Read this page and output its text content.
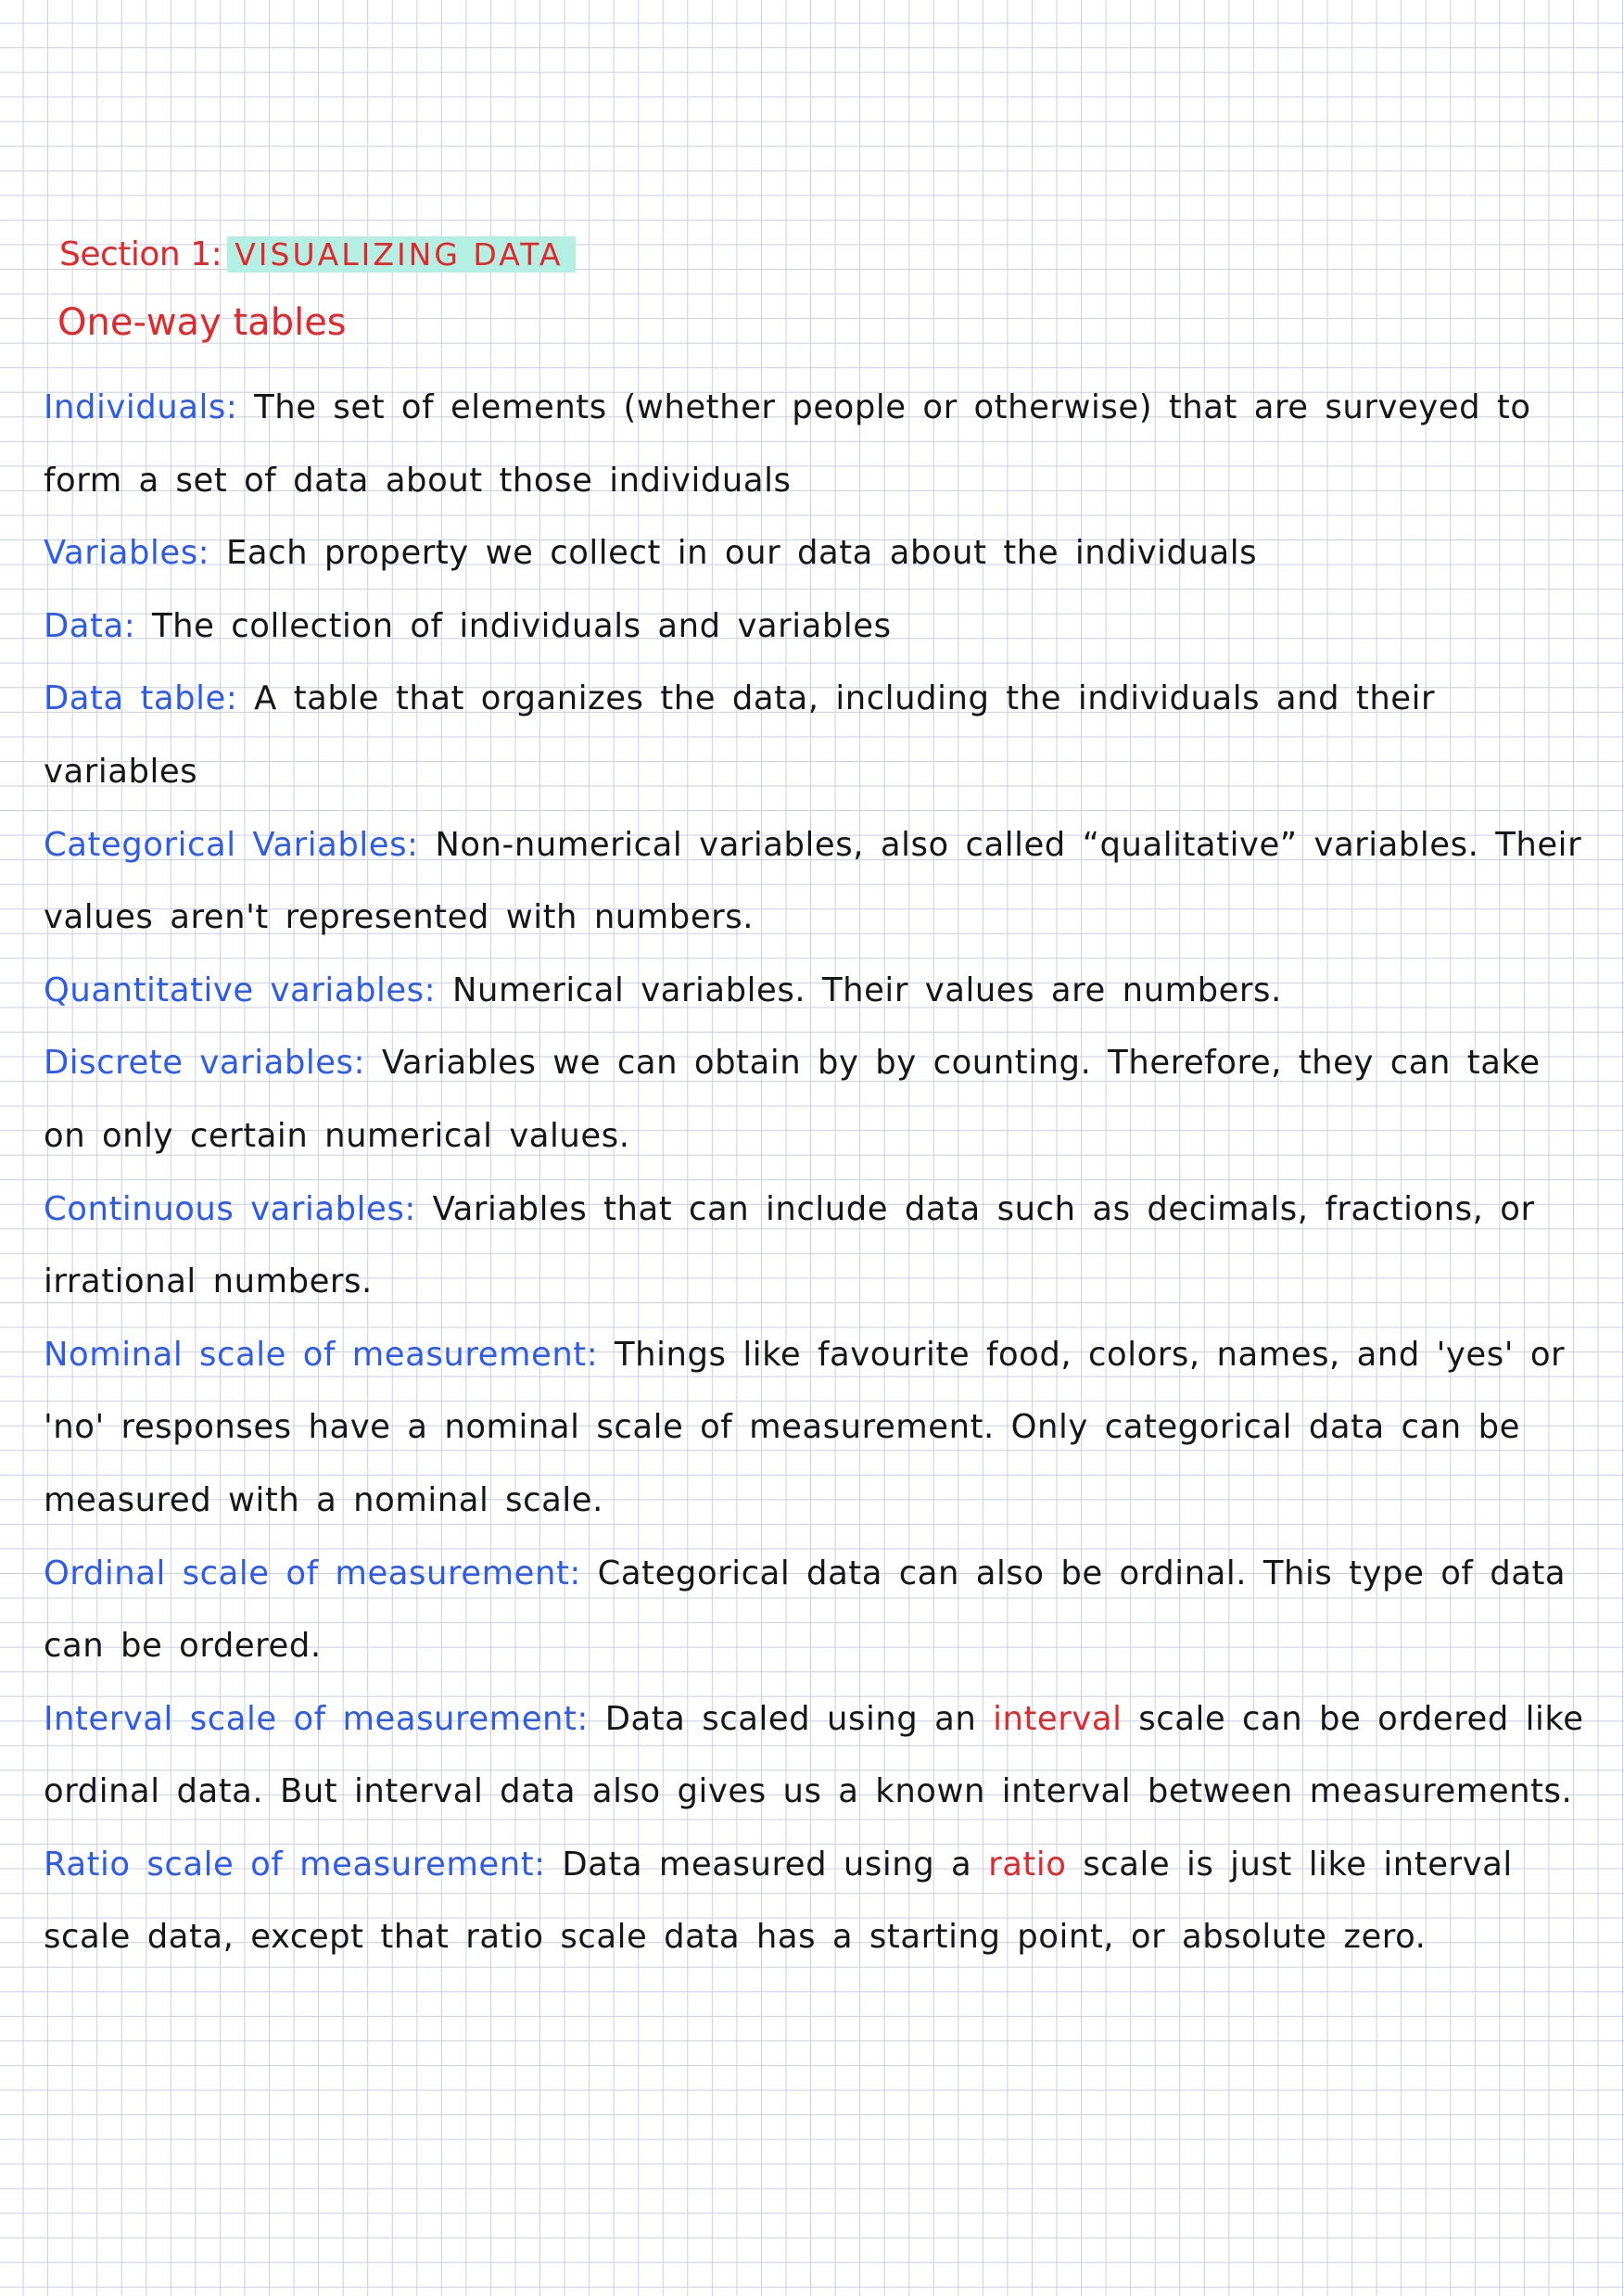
Section 1: VISUALIZING DATA
One-way tables

Individuals: The set of elements (whether people or otherwise) that are surveyed to form a set of data about those individuals

Variables: Each property we collect in our data about the individuals

Data: The collection of individuals and variables

Data table: A table that organizes the data, including the individuals and their variables

Categorical Variables: Non-numerical variables, also called “qualitative” variables. Their values aren't represented with numbers.

Quantitative variables: Numerical variables. Their values are numbers.

Discrete variables: Variables we can obtain by by counting. Therefore, they can take on only certain numerical values.

Continuous variables: Variables that can include data such as decimals, fractions, or irrational numbers.

Nominal scale of measurement: Things like favourite food, colors, names, and 'yes' or 'no' responses have a nominal scale of measurement. Only categorical data can be measured with a nominal scale.

Ordinal scale of measurement: Categorical data can also be ordinal. This type of data can be ordered.

Interval scale of measurement: Data scaled using an interval scale can be ordered like ordinal data. But interval data also gives us a known interval between measurements.

Ratio scale of measurement: Data measured using a ratio scale is just like interval scale data, except that ratio scale data has a starting point, or absolute zero.
